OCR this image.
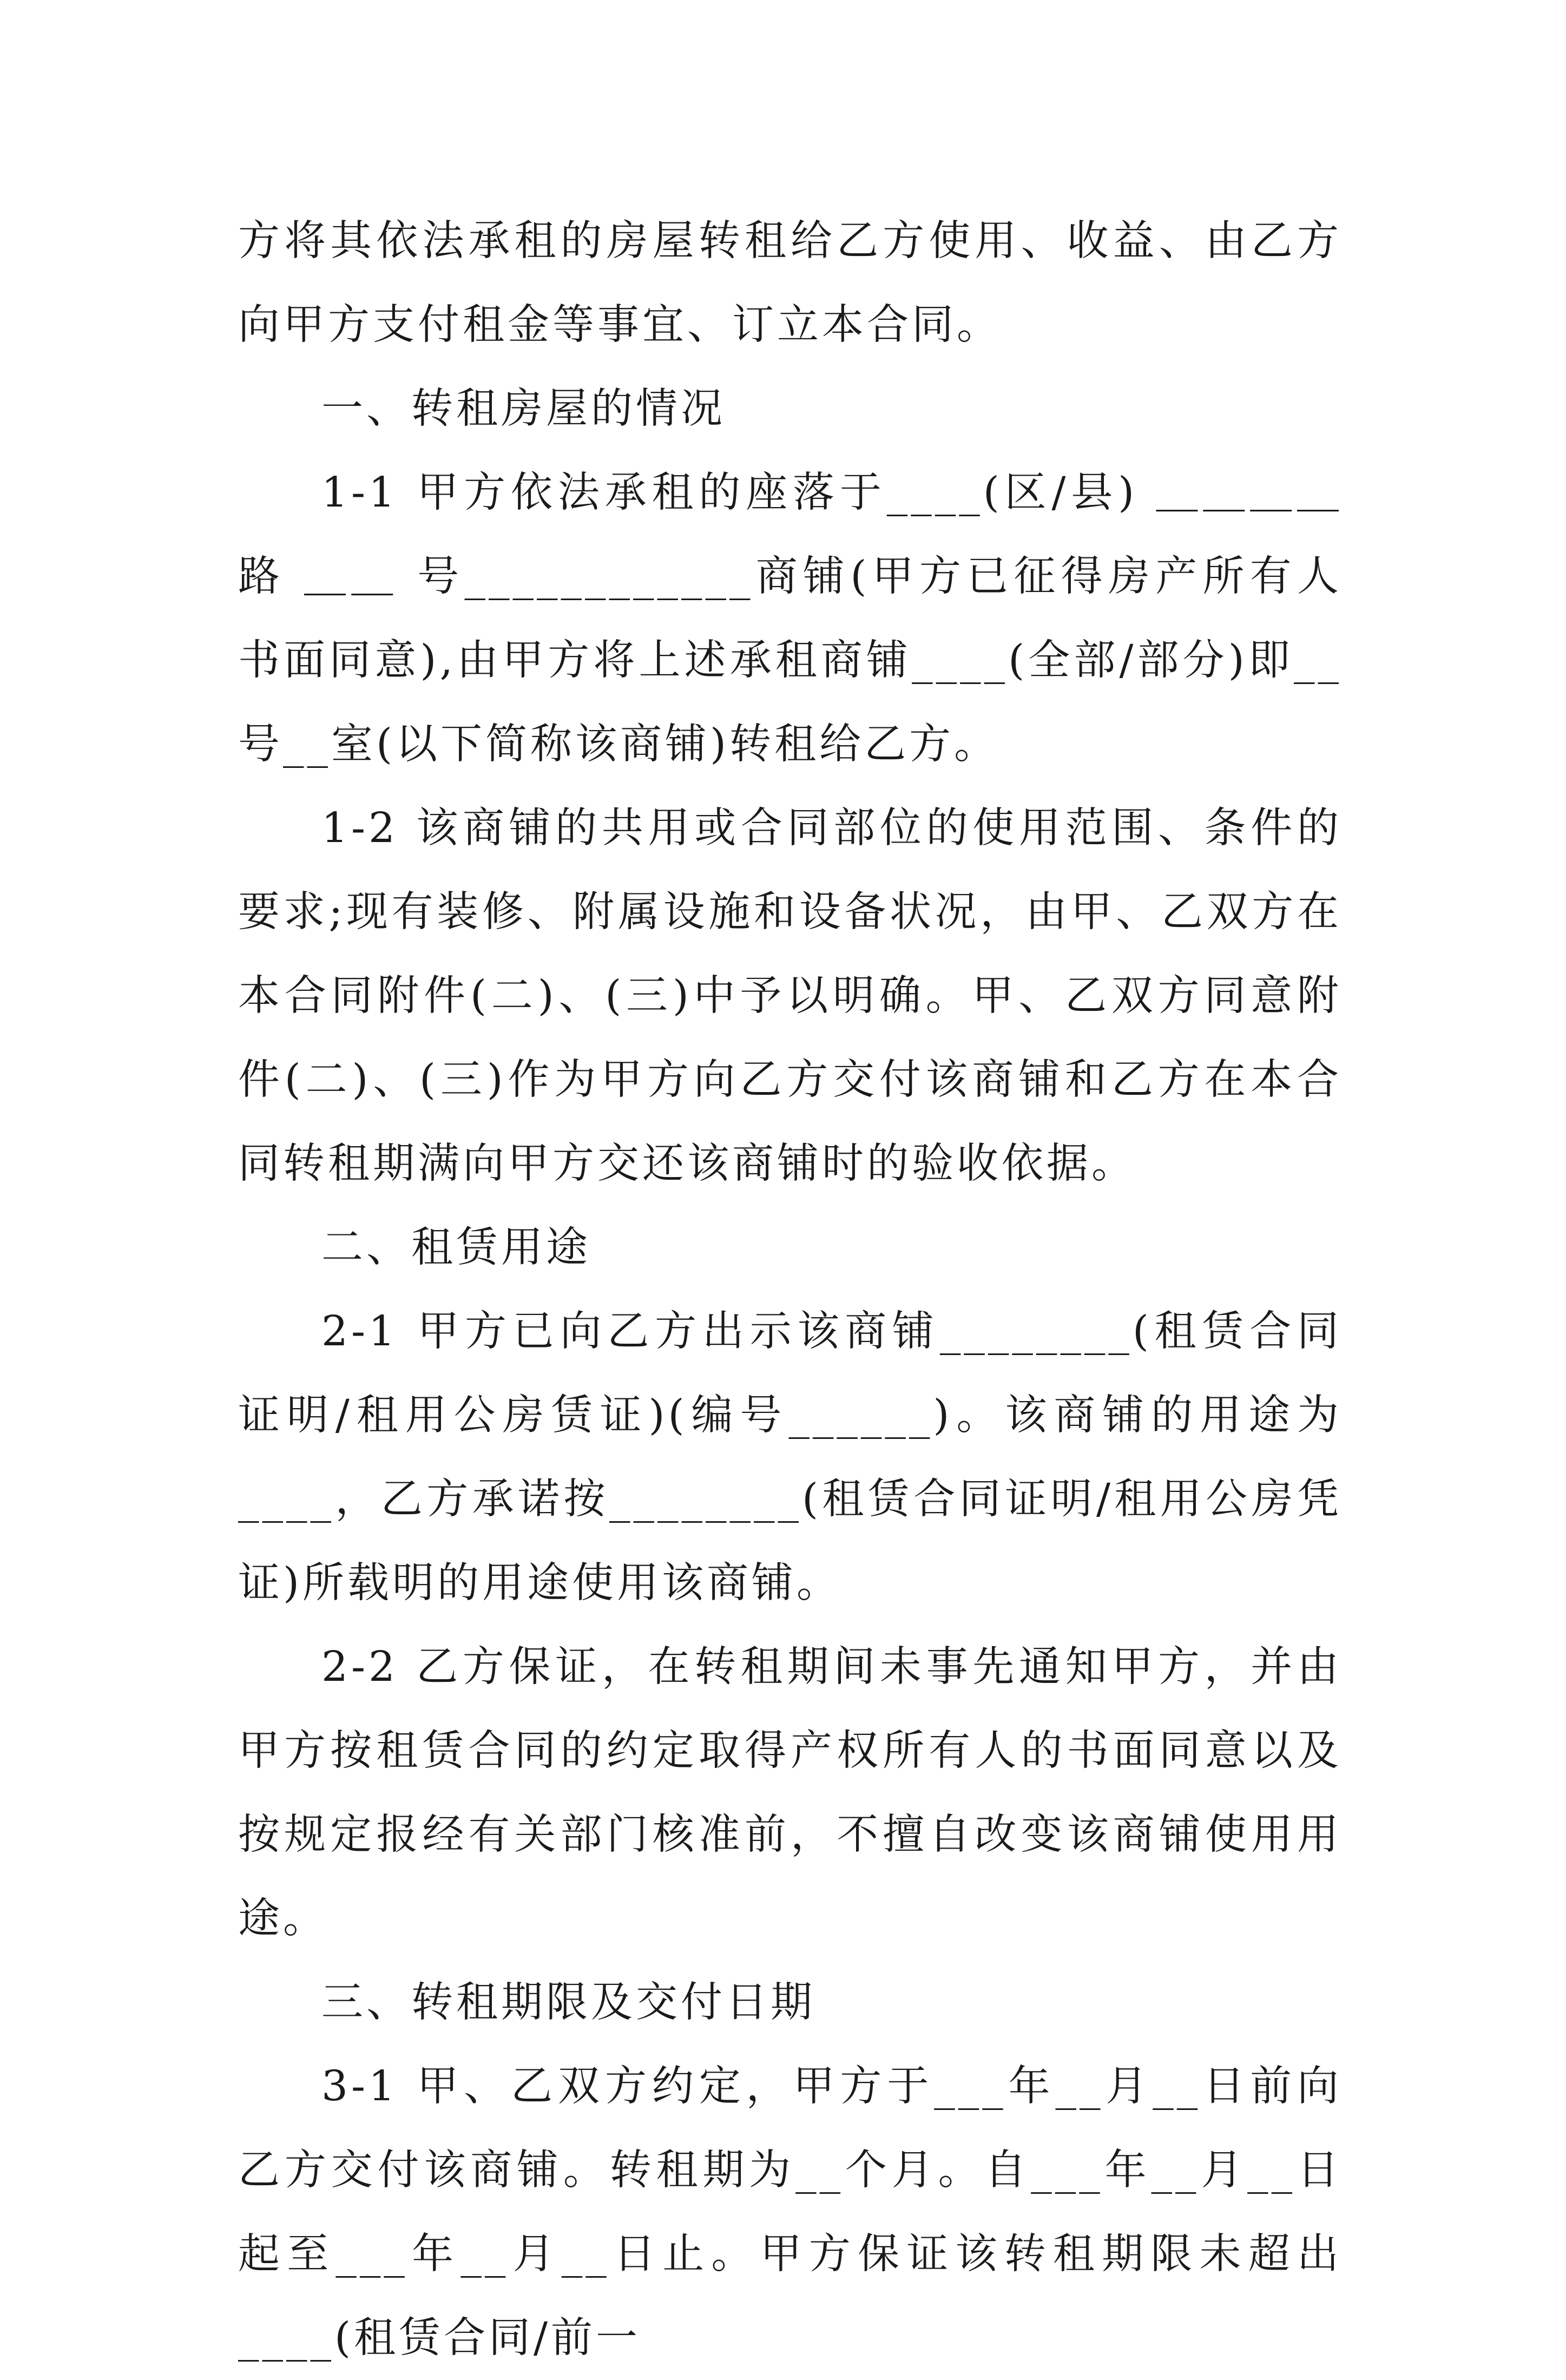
方将其依法承租的房屋转租给乙方使用、收益、由乙方向甲方支付租金等事宜、订立本合同。

一、转租房屋的情况

1-1 甲方依法承租的座落于____(区/县) ＿＿＿＿ 路 ＿＿ 号____________商铺(甲方已征得房产所有人书面同意),由甲方将上述承租商铺____(全部/部分)即__号__室(以下简称该商铺)转租给乙方。

1-2 该商铺的共用或合同部位的使用范围、条件的要求;现有装修、附属设施和设备状况，由甲、乙双方在本合同附件(二)、(三)中予以明确。甲、乙双方同意附件(二)、(三)作为甲方向乙方交付该商铺和乙方在本合同转租期满向甲方交还该商铺时的验收依据。

二、租赁用途

2-1 甲方已向乙方出示该商铺________(租赁合同证明/租用公房赁证)(编号______)。该商铺的用途为____，乙方承诺按________(租赁合同证明/租用公房凭证)所载明的用途使用该商铺。

2-2 乙方保证，在转租期间未事先通知甲方，并由甲方按租赁合同的约定取得产权所有人的书面同意以及按规定报经有关部门核准前，不擅自改变该商铺使用用途。

三、转租期限及交付日期

3-1 甲、乙双方约定，甲方于___年__月__日前向乙方交付该商铺。转租期为__个月。自___年__月__日起至___年__月__日止。甲方保证该转租期限未超出____(租赁合同/前一
